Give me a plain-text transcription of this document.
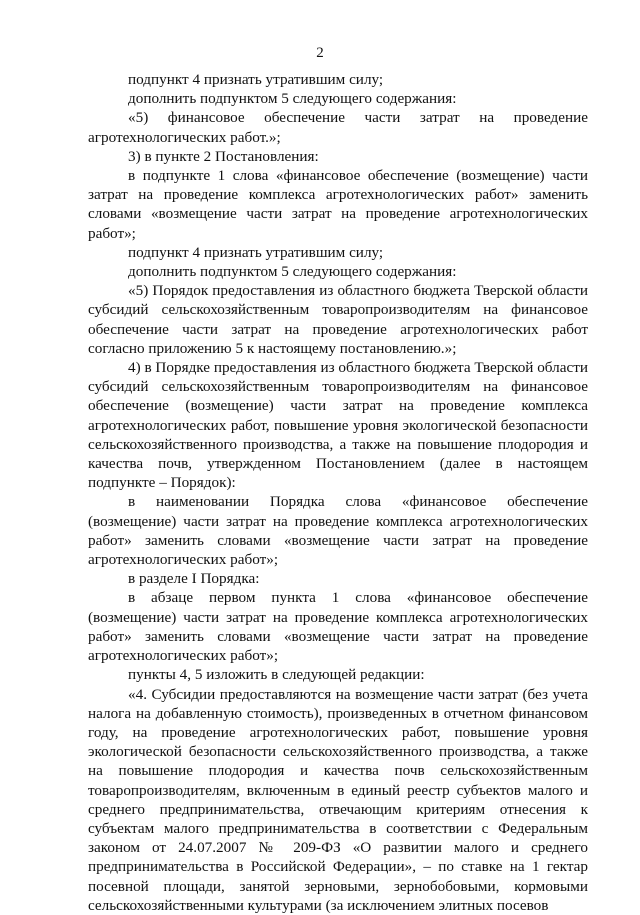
2

подпункт 4 признать утратившим силу;

дополнить подпунктом 5 следующего содержания:

«5) финансовое обеспечение части затрат на проведение агротехнологических работ.»;

3) в пункте 2 Постановления:

в подпункте 1 слова «финансовое обеспечение (возмещение) части затрат на проведение комплекса агротехнологических работ» заменить словами «возмещение части затрат на проведение агротехнологических работ»;

подпункт 4 признать утратившим силу;

дополнить подпунктом 5 следующего содержания:

«5) Порядок предоставления из областного бюджета Тверской области субсидий сельскохозяйственным товаропроизводителям на финансовое обеспечение части затрат на проведение агротехнологических работ согласно приложению 5 к настоящему постановлению.»;

4) в Порядке предоставления из областного бюджета Тверской области субсидий сельскохозяйственным товаропроизводителям на финансовое обеспечение (возмещение) части затрат на проведение комплекса агротехнологических работ, повышение уровня экологической безопасности сельскохозяйственного производства, а также на повышение плодородия и качества почв, утвержденном Постановлением (далее в настоящем подпункте – Порядок):

в наименовании Порядка слова «финансовое обеспечение (возмещение) части затрат на проведение комплекса агротехнологических работ» заменить словами «возмещение части затрат на проведение агротехнологических работ»;

в разделе I Порядка:

в абзаце первом пункта 1 слова «финансовое обеспечение (возмещение) части затрат на проведение комплекса агротехнологических работ» заменить словами «возмещение части затрат на проведение агротехнологических работ»;

пункты 4, 5 изложить в следующей редакции:

«4. Субсидии предоставляются на возмещение части затрат (без учета налога на добавленную стоимость), произведенных в отчетном финансовом году, на проведение агротехнологических работ, повышение уровня экологической безопасности сельскохозяйственного производства, а также на повышение плодородия и качества почв сельскохозяйственным товаропроизводителям, включенным в единый реестр субъектов малого и среднего предпринимательства, отвечающим критериям отнесения к субъектам малого предпринимательства в соответствии с Федеральным законом от 24.07.2007 № 209-ФЗ «О развитии малого и среднего предпринимательства в Российской Федерации», – по ставке на 1 гектар посевной площади, занятой зерновыми, зернобобовыми, кормовыми сельскохозяйственными культурами (за исключением элитных посевов
